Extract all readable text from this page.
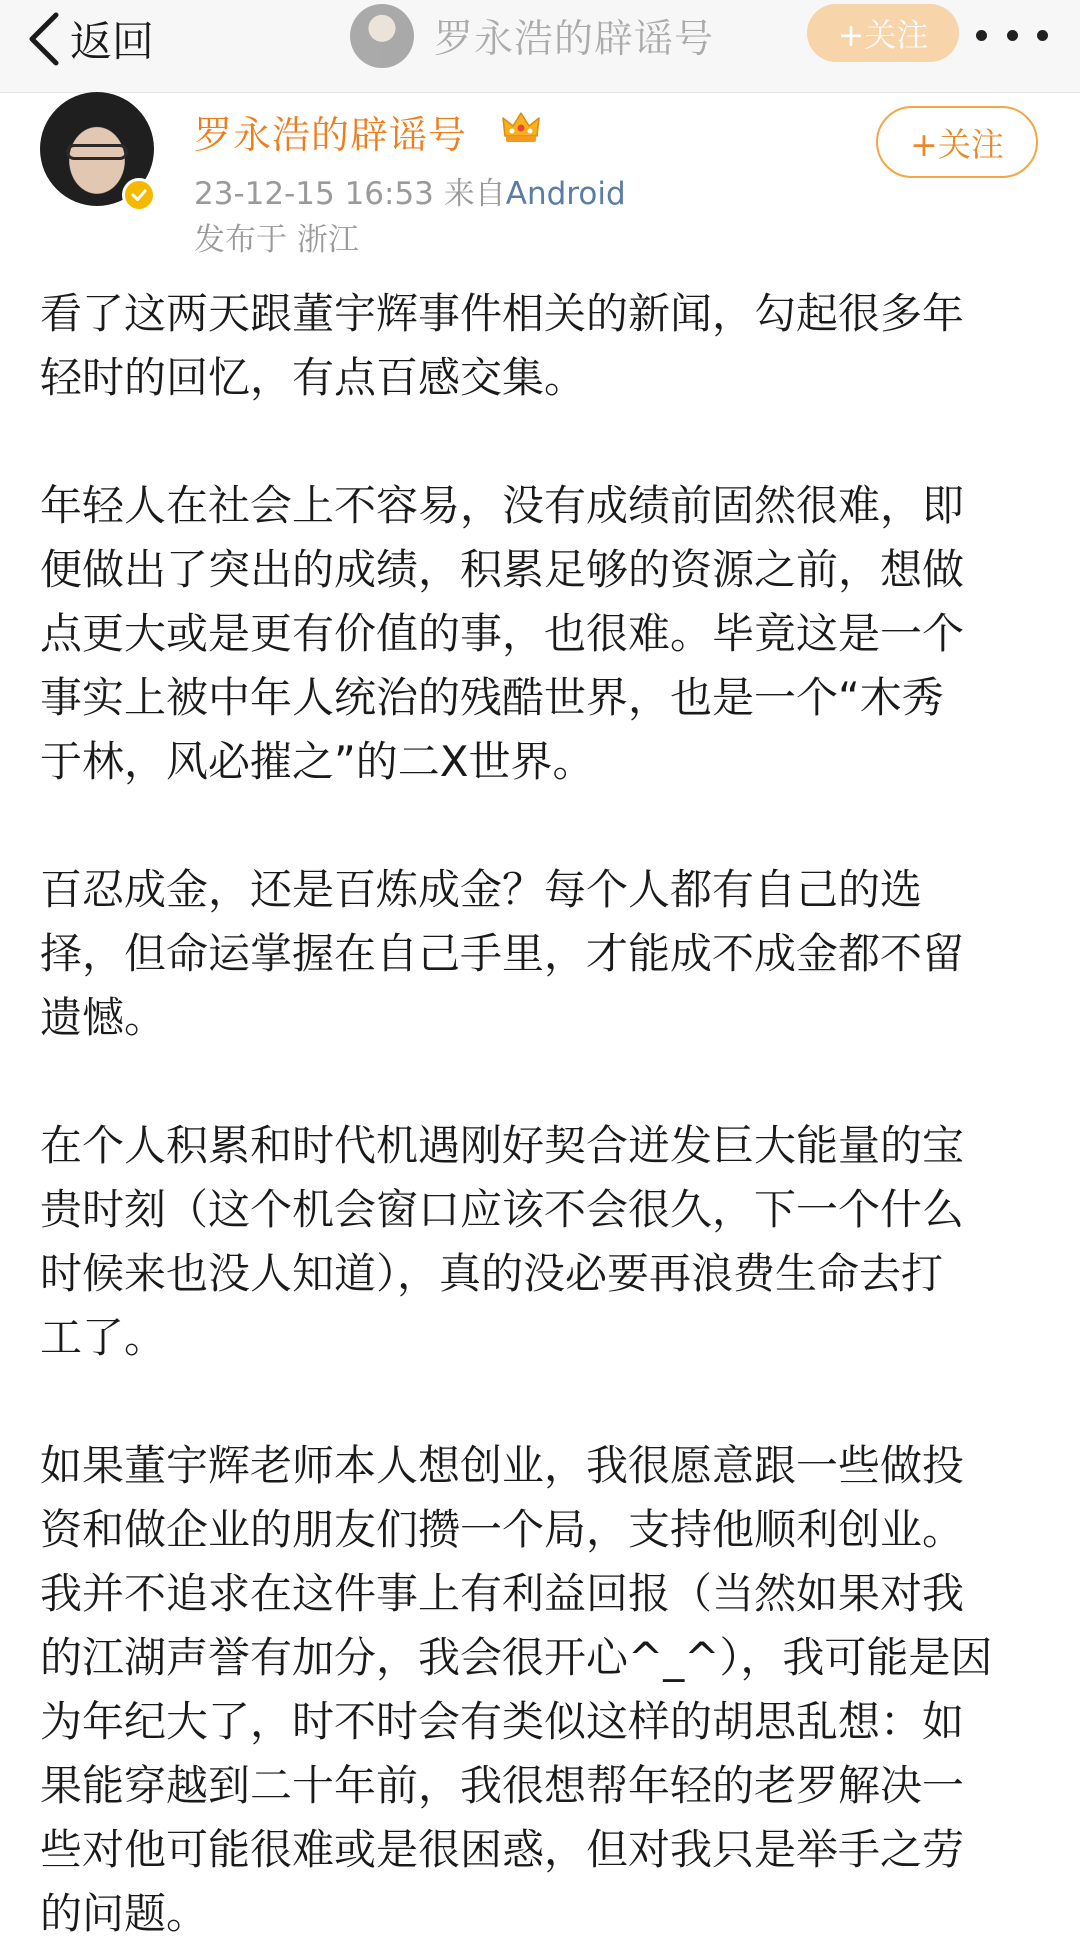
返回	罗永浩的辟谣号	+关注
罗永浩的辟谣号
23-12-15 16:53 来自Android
发布于 浙江
+关注

看了这两天跟董宇辉事件相关的新闻，勾起很多年
轻时的回忆，有点百感交集。

年轻人在社会上不容易，没有成绩前固然很难，即
便做出了突出的成绩，积累足够的资源之前，想做
点更大或是更有价值的事，也很难。毕竟这是一个
事实上被中年人统治的残酷世界，也是一个“木秀
于林，风必摧之”的二X世界。

百忍成金，还是百炼成金？每个人都有自己的选
择，但命运掌握在自己手里，才能成不成金都不留
遗憾。

在个人积累和时代机遇刚好契合迸发巨大能量的宝
贵时刻（这个机会窗口应该不会很久，下一个什么
时候来也没人知道），真的没必要再浪费生命去打
工了。

如果董宇辉老师本人想创业，我很愿意跟一些做投
资和做企业的朋友们攒一个局，支持他顺利创业。
我并不追求在这件事上有利益回报（当然如果对我
的江湖声誉有加分，我会很开心^_^），我可能是因
为年纪大了，时不时会有类似这样的胡思乱想：如
果能穿越到二十年前，我很想帮年轻的老罗解决一
些对他可能很难或是很困惑，但对我只是举手之劳
的问题。
